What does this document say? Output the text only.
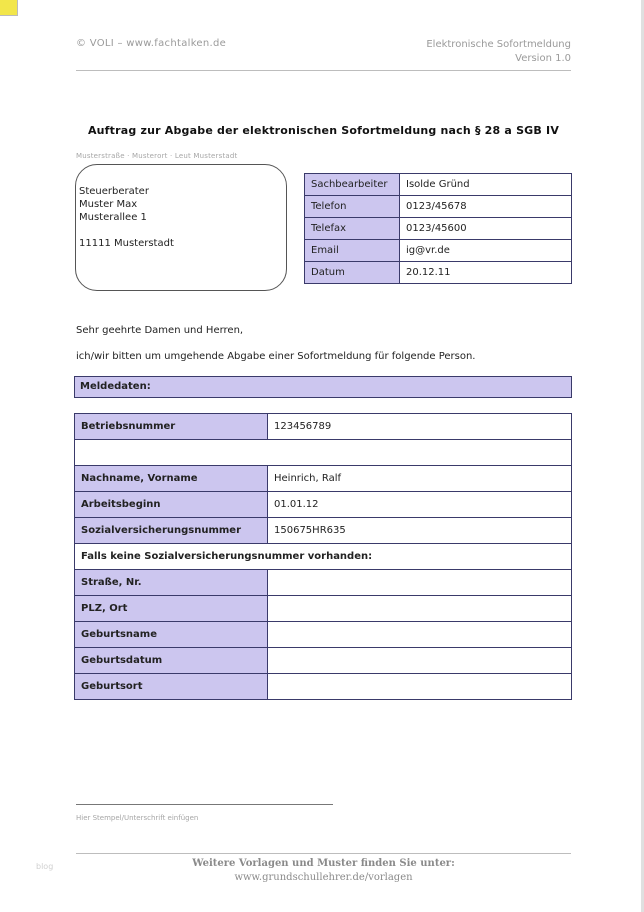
© VOLI – www.fachtalken.de	Elektronische Sofortmeldung
Version 1.0
Auftrag zur Abgabe der elektronischen Sofortmeldung nach § 28 a SGB IV
Musterstraße · Musterort · Leut Musterstadt
Steuerberater
Muster Max
Musterallee 1
11111 Musterstadt
Sachbearbeiter	Isolde Gründ
Telefon	0123/45678
Telefax	0123/45600
Email	ig@vr.de
Datum	20.12.11
Sehr geehrte Damen und Herren,
ich/wir bitten um umgehende Abgabe einer Sofortmeldung für folgende Person.
Meldedaten:
Betriebsnummer	123456789

Nachname, Vorname	Heinrich, Ralf
Arbeitsbeginn	01.01.12
Sozialversicherungsnummer	150675HR635
Falls keine Sozialversicherungsnummer vorhanden:	
Straße, Nr.	
PLZ, Ort	
Geburtsname	
Geburtsdatum	
Geburtsort	
Hier Stempel/Unterschrift einfügen
blog	Weitere Vorlagen und Muster finden Sie unter:
www.grundschullehrer.de/vorlagen
